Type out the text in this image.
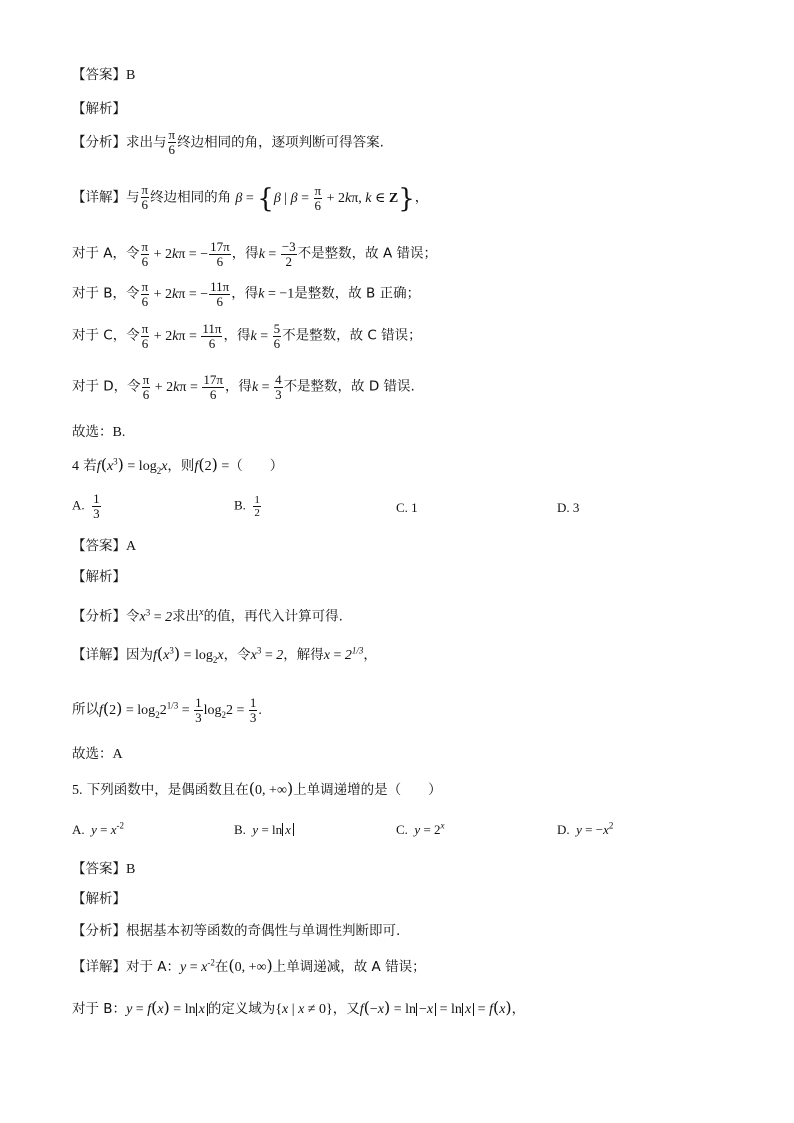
【答案】B
【解析】
【分析】求出与 $\frac{\pi}{6}$ 终边相同的角，逐项判断可得答案.
【详解】与 $\frac{\pi}{6}$ 终边相同的角 β = {β | $\beta = \frac{\pi}{6} + 2k\pi$, k ∈ Z}，
对于 A，令 $\frac{\pi}{6} + 2k\pi$ = − $\frac{17\pi}{6}$ ，得$k = \frac{-3}{2}$ 不是整数，故 A 错误；
对于 B，令 $\frac{\pi}{6} + 2k\pi$ = − $\frac{11\pi}{6}$ ，得k = −1是整数，故 B 正确；
对于 C，令 $\frac{\pi}{6} + 2k\pi = \frac{11\pi}{6}$ ，得$k = \frac{5}{6}$ 不是整数，故 C 错误；
对于 D，令 $\frac{\pi}{6} + 2k\pi = \frac{17\pi}{6}$ ，得$k = \frac{4}{3}$ 不是整数，故 D 错误.
故选：B.
4 若$f(x^3) = \log_2x$，则f(2) =（　　）
A. $\frac{1}{3}$	B. $\frac{1}{2}$	C. 1	D. 3
【答案】A
【解析】
【分析】令$x^3 = 2$求出$^x$的值，再代入计算可得.
【详解】因为$f(x^3) = \log_2x$，令$x^3 = 2$，解得$x = 2^{1/3}$，
所以$f(2) = \log_22^{1/3} = \frac{1}{3} \log_22 = \frac{1}{3}$ .
故选：A
5. 下列函数中，是偶函数且在(0, +∞)上单调递增的是（　　）
A. $y = x^{-2}$	B. y = ln x	C. $y = 2^x$	D. $y = -x^2$
【答案】B
【解析】
【分析】根据基本初等函数的奇偶性与单调性判断即可.
【详解】对于 A：$y = x^{-2}$在(0, +∞)上单调递减，故 A 错误；
对于 B：y = f(x) = ln x 的定义域为{x | x ≠ 0}，又f(−x) = ln −x = ln x = f(x)，
